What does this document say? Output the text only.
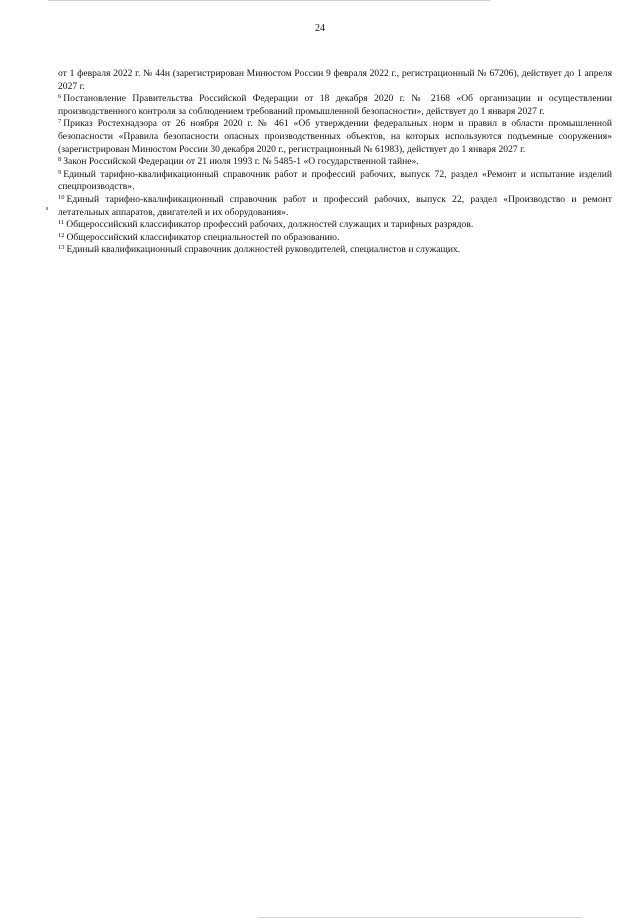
24

от 1 февраля 2022 г. № 44н (зарегистрирован Минюстом России 9 февраля 2022 г., регистрационный № 67206), действует до 1 апреля 2027 г.

$^6$ Постановление Правительства Российской Федерации от 18 декабря 2020 г. № 2168 «Об организации и осуществлении производственного контроля за соблюдением требований промышленной безопасности», действует до 1 января 2027 г.

$^7$ Приказ Ростехнадзора от 26 ноября 2020 г. № 461 «Об утверждении федеральных норм и правил в области промышленной безопасности «Правила безопасности опасных производственных объектов, на которых используются подъемные сооружения» (зарегистрирован Минюстом России 30 декабря 2020 г., регистрационный № 61983), действует до 1 января 2027 г.

$^8$ Закон Российской Федерации от 21 июля 1993 г. № 5485-1 «О государственной тайне».

$^9$ Единый тарифно-квалификационный справочник работ и профессий рабочих, выпуск 72, раздел «Ремонт и испытание изделий спецпроизводств».

$^{10}$ Единый тарифно-квалификационный справочник работ и профессий рабочих, выпуск 22, раздел «Производство и ремонт летательных аппаратов, двигателей и их оборудования».

$^{11}$ Общероссийский классификатор профессий рабочих, должностей служащих и тарифных разрядов.

$^{12}$ Общероссийский классификатор специальностей по образованию.

$^{13}$ Единый квалификационный справочник должностей руководителей, специалистов и служащих.
